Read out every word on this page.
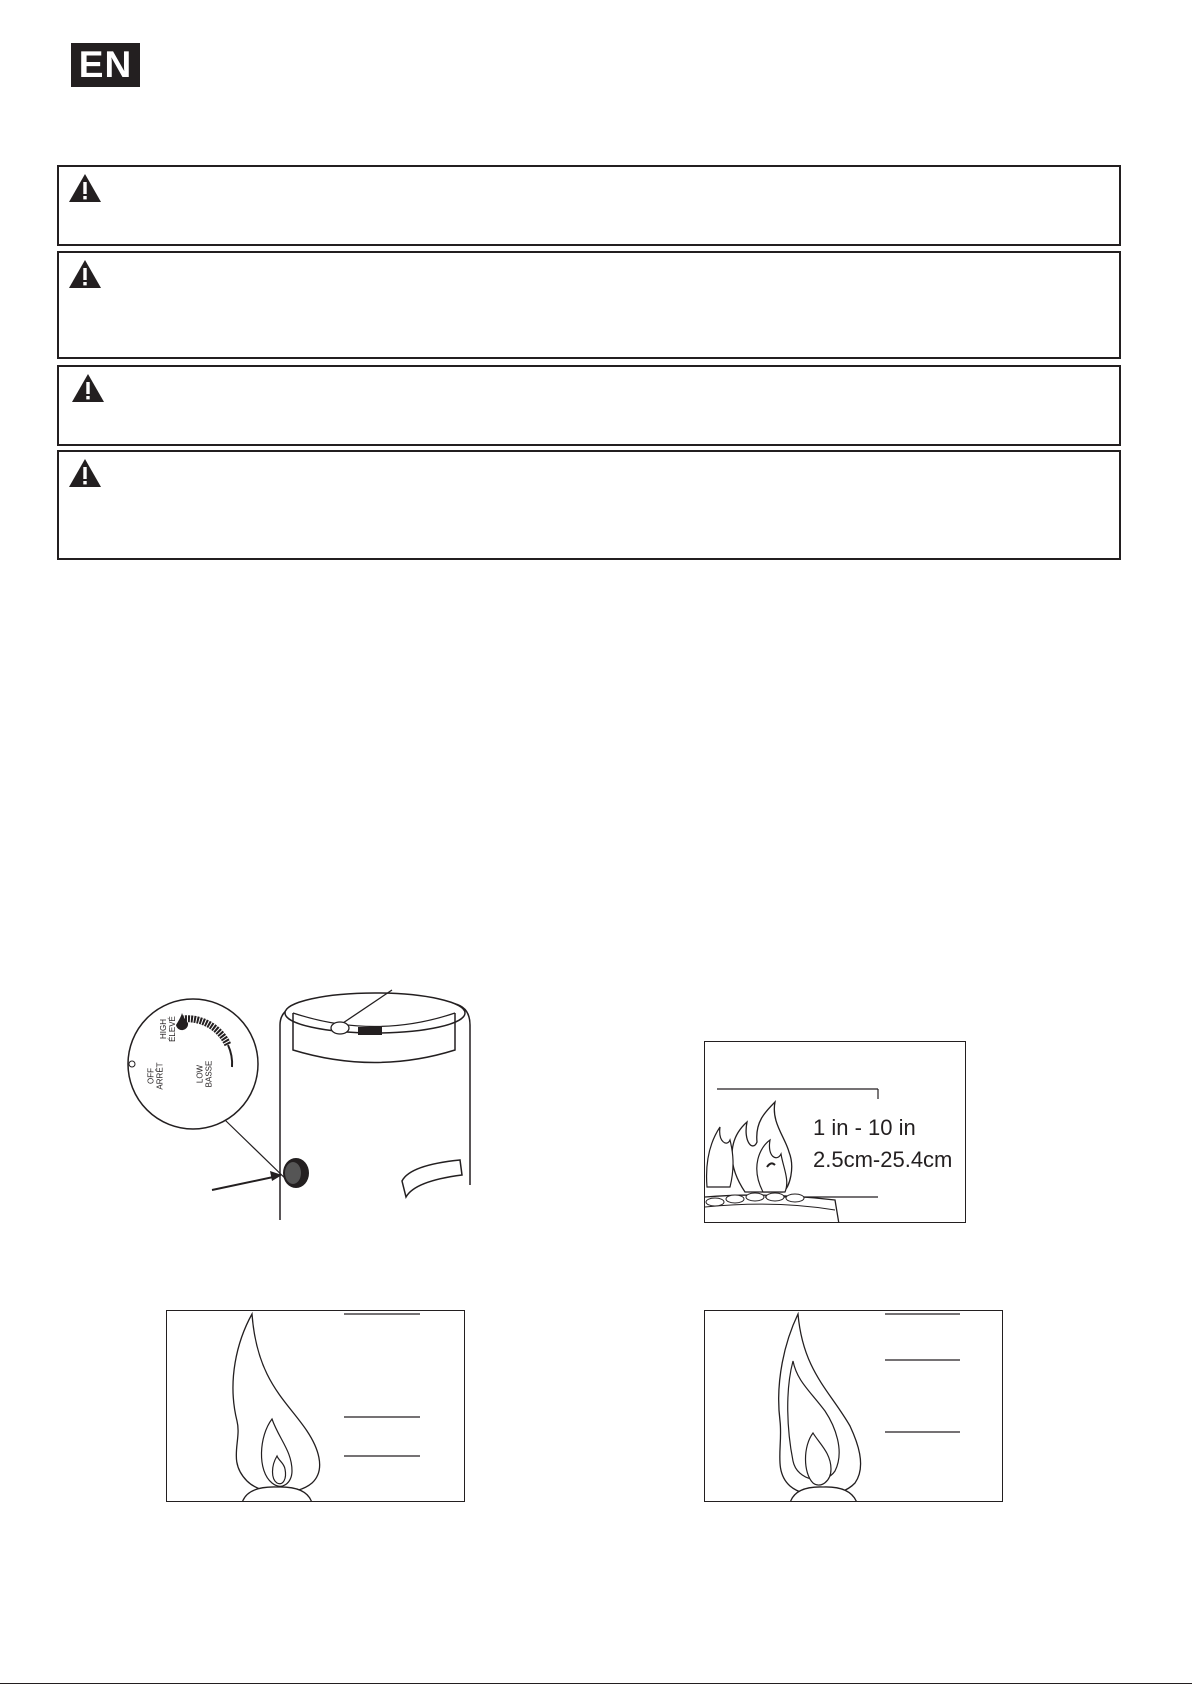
EN
OFF ARRÊT
HIGH ÉLEVÉ
LOW BASSE
1 in - 10 in
2.5cm-25.4cm
